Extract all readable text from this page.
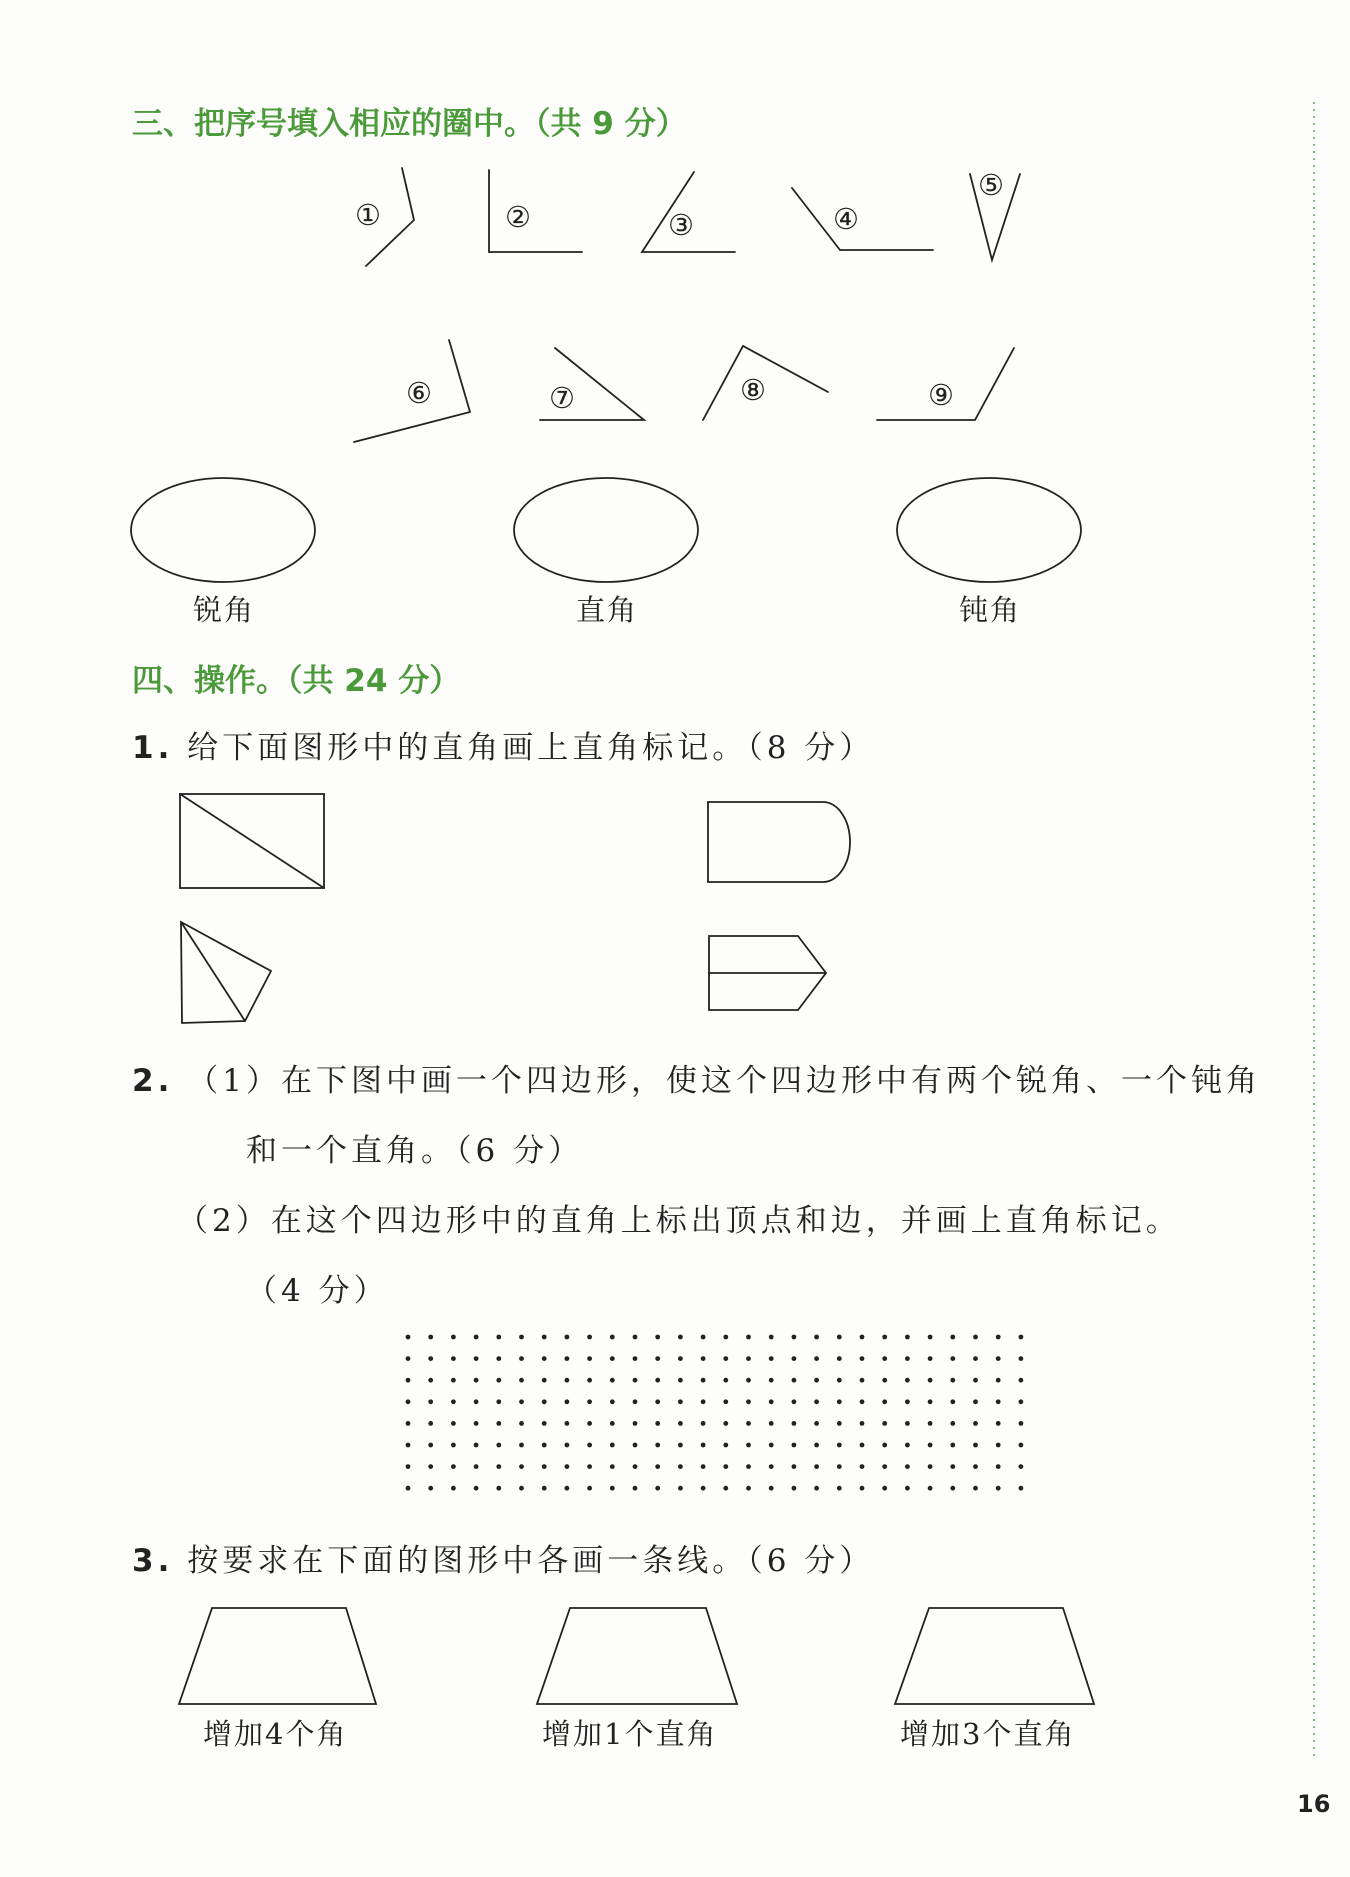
三、把序号填入相应的圈中。（共 9 分）
①	②	③	④
⑤
⑥	⑦	⑧	⑨
锐角	直角	钝角
四、操作。（共 24 分）
1. 给下面图形中的直角画上直角标记。（8 分）
2. （1）在下图中画一个四边形，使这个四边形中有两个锐角、一个钝角
和一个直角。（6 分）
（2）在这个四边形中的直角上标出顶点和边，并画上直角标记。
（4 分）
3. 按要求在下面的图形中各画一条线。（6 分）
增加4个角	增加1个直角	增加3个直角
16
